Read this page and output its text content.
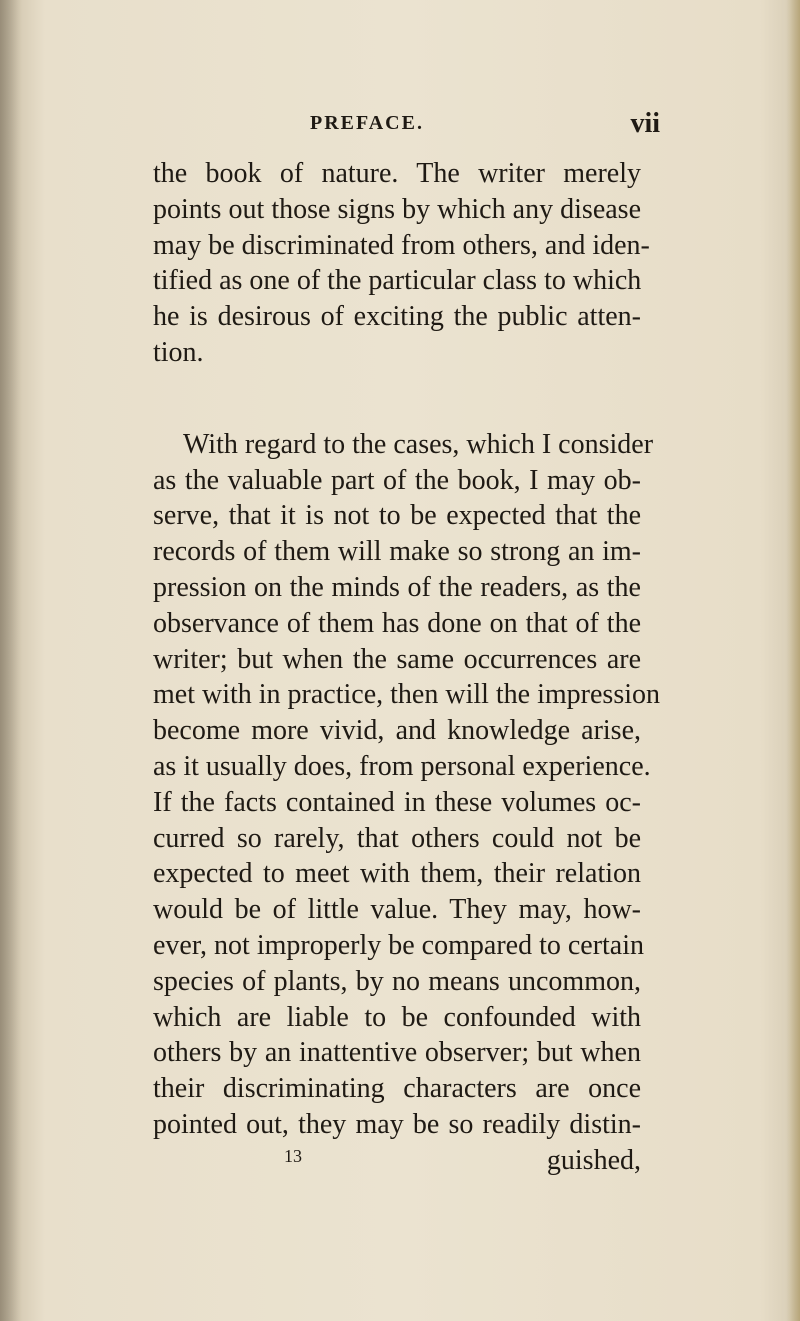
PREFACE.	vii
the book of nature. The writer merely
points out those signs by which any disease
may be discriminated from others, and iden-
tified as one of the particular class to which
he is desirous of exciting the public atten-
tion.
With regard to the cases, which I consider
as the valuable part of the book, I may ob-
serve, that it is not to be expected that the
records of them will make so strong an im-
pression on the minds of the readers, as the
observance of them has done on that of the
writer; but when the same occurrences are
met with in practice, then will the impression
become more vivid, and knowledge arise,
as it usually does, from personal experience.
If the facts contained in these volumes oc-
curred so rarely, that others could not be
expected to meet with them, their relation
would be of little value. They may, how-
ever, not improperly be compared to certain
species of plants, by no means uncommon,
which are liable to be confounded with
others by an inattentive observer; but when
their discriminating characters are once
pointed out, they may be so readily distin-
13	guished,
